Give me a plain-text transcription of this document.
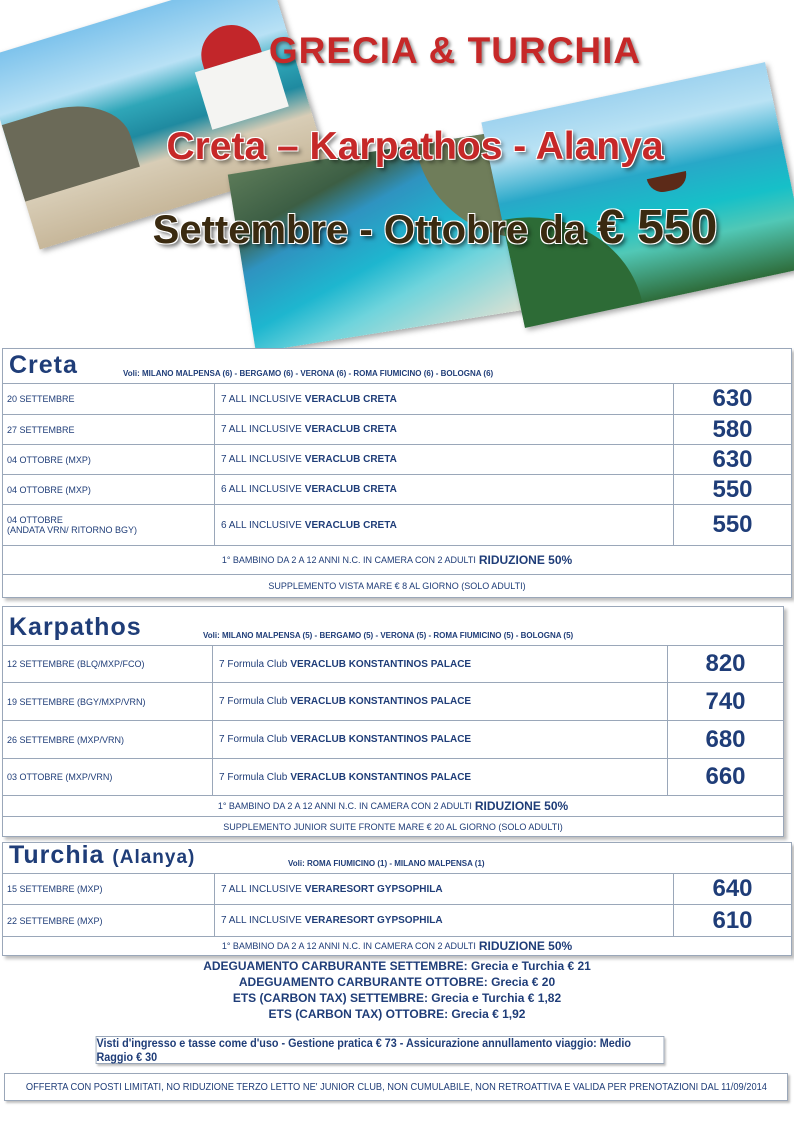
GRECIA & TURCHIA
Creta – Karpathos - Alanya
Settembre - Ottobre da € 550
Creta	Voli: MILANO MALPENSA (6) - BERGAMO (6) - VERONA (6) - ROMA FIUMICINO (6) - BOLOGNA (6)
20 SETTEMBRE	7 ALL INCLUSIVE VERACLUB CRETA	630
27 SETTEMBRE	7 ALL INCLUSIVE VERACLUB CRETA	580
04 OTTOBRE (MXP)	7 ALL INCLUSIVE VERACLUB CRETA	630
04 OTTOBRE (MXP)	6 ALL INCLUSIVE VERACLUB CRETA	550
04 OTTOBRE
(ANDATA VRN/ RITORNO BGY)	6 ALL INCLUSIVE VERACLUB CRETA	550
1° BAMBINO DA 2 A 12 ANNI N.C. IN CAMERA CON 2 ADULTI RIDUZIONE 50%
SUPPLEMENTO VISTA MARE € 8 AL GIORNO (SOLO ADULTI)
Karpathos	Voli: MILANO MALPENSA (5) - BERGAMO (5) - VERONA (5) - ROMA FIUMICINO (5) - BOLOGNA (5)
12 SETTEMBRE (BLQ/MXP/FCO)	7 Formula Club VERACLUB KONSTANTINOS PALACE	820
19 SETTEMBRE (BGY/MXP/VRN)	7 Formula Club VERACLUB KONSTANTINOS PALACE	740
26 SETTEMBRE (MXP/VRN)	7 Formula Club VERACLUB KONSTANTINOS PALACE	680
03 OTTOBRE (MXP/VRN)	7 Formula Club VERACLUB KONSTANTINOS PALACE	660
1° BAMBINO DA 2 A 12 ANNI N.C. IN CAMERA CON 2 ADULTI RIDUZIONE 50%
SUPPLEMENTO JUNIOR SUITE FRONTE MARE € 20 AL GIORNO (SOLO ADULTI)
Turchia (Alanya)	Voli: ROMA FIUMICINO (1) - MILANO MALPENSA (1)
15 SETTEMBRE (MXP)	7 ALL INCLUSIVE VERARESORT GYPSOPHILA	640
22 SETTEMBRE (MXP)	7 ALL INCLUSIVE VERARESORT GYPSOPHILA	610
1° BAMBINO DA 2 A 12 ANNI N.C. IN CAMERA CON 2 ADULTI RIDUZIONE 50%
ADEGUAMENTO CARBURANTE SETTEMBRE: Grecia e Turchia € 21
ADEGUAMENTO CARBURANTE OTTOBRE: Grecia € 20
ETS (CARBON TAX) SETTEMBRE: Grecia e Turchia € 1,82
ETS (CARBON TAX) OTTOBRE: Grecia € 1,92
Visti d'ingresso e tasse come d'uso - Gestione pratica € 73 - Assicurazione annullamento viaggio: Medio Raggio € 30
OFFERTA CON POSTI LIMITATI, NO RIDUZIONE TERZO LETTO NE' JUNIOR CLUB, NON CUMULABILE, NON RETROATTIVA E VALIDA PER PRENOTAZIONI DAL 11/09/2014
